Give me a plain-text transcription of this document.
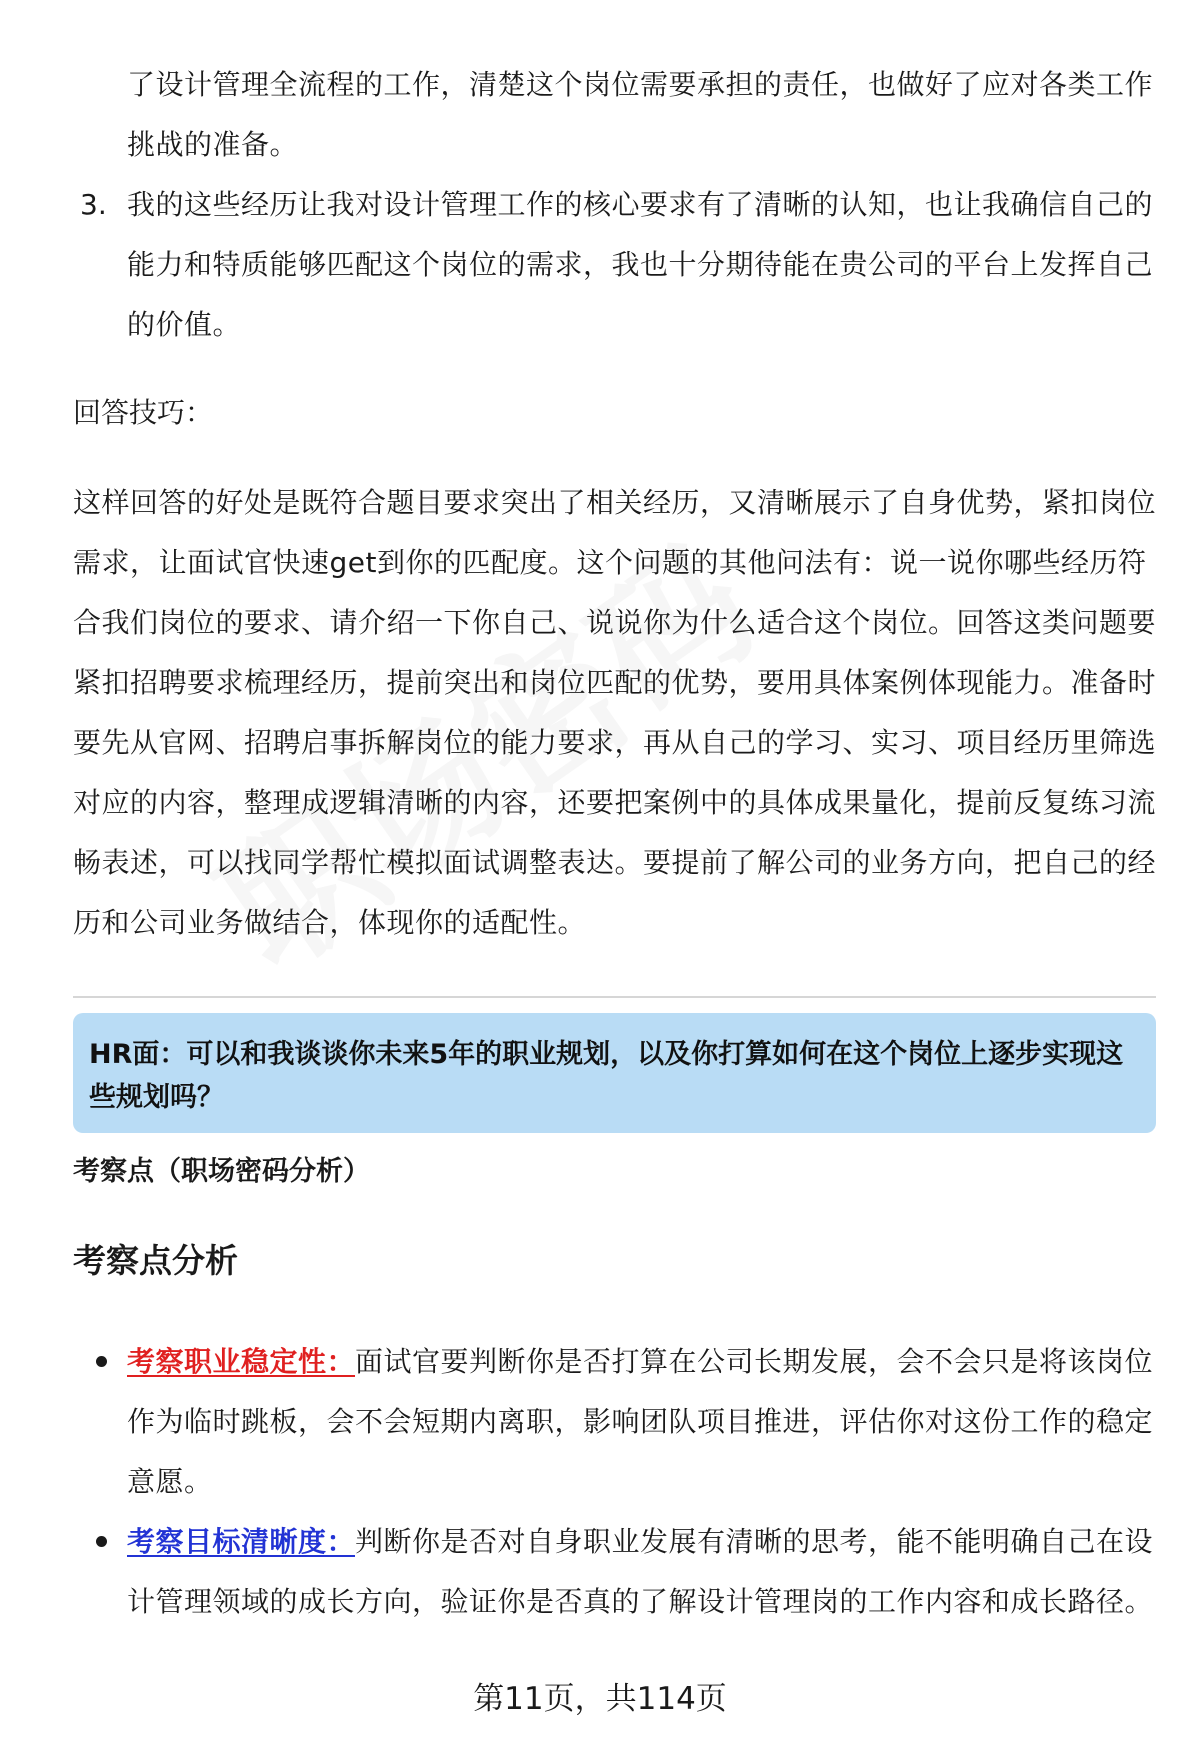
了设计管理全流程的工作，清楚这个岗位需要承担的责任，也做好了应对各类工作挑战的准备。

3. 我的这些经历让我对设计管理工作的核心要求有了清晰的认知，也让我确信自己的能力和特质能够匹配这个岗位的需求，我也十分期待能在贵公司的平台上发挥自己的价值。

回答技巧：

这样回答的好处是既符合题目要求突出了相关经历，又清晰展示了自身优势，紧扣岗位需求，让面试官快速get到你的匹配度。这个问题的其他问法有：说一说你哪些经历符合我们岗位的要求、请介绍一下你自己、说说你为什么适合这个岗位。回答这类问题要紧扣招聘要求梳理经历，提前突出和岗位匹配的优势，要用具体案例体现能力。准备时要先从官网、招聘启事拆解岗位的能力要求，再从自己的学习、实习、项目经历里筛选对应的内容，整理成逻辑清晰的内容，还要把案例中的具体成果量化，提前反复练习流畅表述，可以找同学帮忙模拟面试调整表达。要提前了解公司的业务方向，把自己的经历和公司业务做结合，体现你的适配性。

HR面：可以和我谈谈你未来5年的职业规划，以及你打算如何在这个岗位上逐步实现这些规划吗？

考察点（职场密码分析）
考察点分析

考察职业稳定性：面试官要判断你是否打算在公司长期发展，会不会只是将该岗位作为临时跳板，会不会短期内离职，影响团队项目推进，评估你对这份工作的稳定意愿。

考察目标清晰度：判断你是否对自身职业发展有清晰的思考，能不能明确自己在设计管理领域的成长方向，验证你是否真的了解设计管理岗的工作内容和成长路径。

第11页，共114页
